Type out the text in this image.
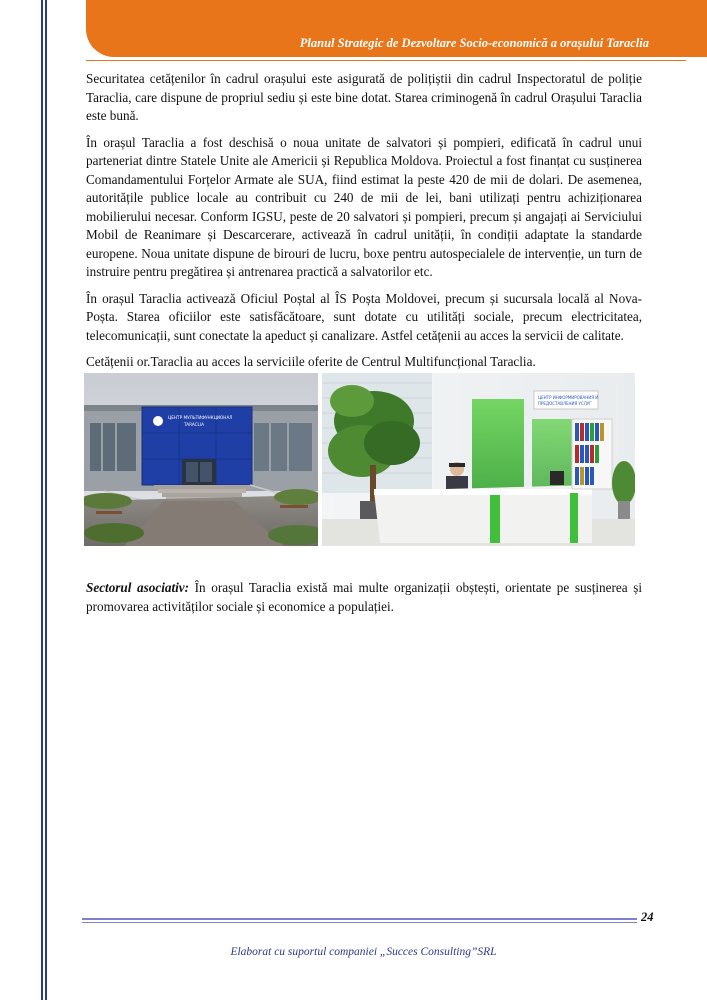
Planul Strategic de Dezvoltare Socio-economică a orașului Taraclia

Securitatea cetățenilor în cadrul orașului este asigurată de polițiștii din cadrul Inspectoratul de poliție Taraclia, care dispune de propriul sediu și este bine dotat. Starea criminogenă în cadrul Orașului Taraclia este bună.

În orașul Taraclia a fost deschisă o noua unitate de salvatori și pompieri, edificată în cadrul unui parteneriat dintre Statele Unite ale Americii și Republica Moldova. Proiectul a fost finanțat cu susținerea Comandamentului Forțelor Armate ale SUA, fiind estimat la peste 420 de mii de dolari. De asemenea, autoritățile publice locale au contribuit cu 240 de mii de lei, bani utilizați pentru achiziționarea mobilierului necesar. Conform IGSU, peste de 20 salvatori și pompieri, precum și angajați ai Serviciului Mobil de Reanimare și Descarcerare, activează în cadrul unității, în condiții adaptate la standarde europene. Noua unitate dispune de birouri de lucru, boxe pentru autospecialele de intervenție, un turn de instruire pentru pregătirea și antrenarea practică a salvatorilor etc.

În orașul Taraclia activează Oficiul Poștal al ÎS Poșta Moldovei, precum și sucursala locală al Nova-Poșta. Starea oficiilor este satisfăcătoare, sunt dotate cu utilități sociale, precum electricitatea, telecomunicații, sunt conectate la apeduct și canalizare. Astfel cetățenii au acces la servicii de calitate.

Cetățenii or.Taraclia au acces la serviciile oferite de Centrul Multifuncțional Taraclia.

ЦЕНТР МУЛЬТИФУНКЦИОНАЛ
TARACLIA
ЦЕНТР ИНФОРМИРОВАНИЯ И
ПРЕДОСТАВЛЕНИЯ УСЛУГ

Sectorul asociativ: În orașul Taraclia există mai multe organizații obștești, orientate pe susținerea și promovarea activităților sociale și economice a populației.

24
Elaborat cu suportul companiei „Succes Consulting”SRL
